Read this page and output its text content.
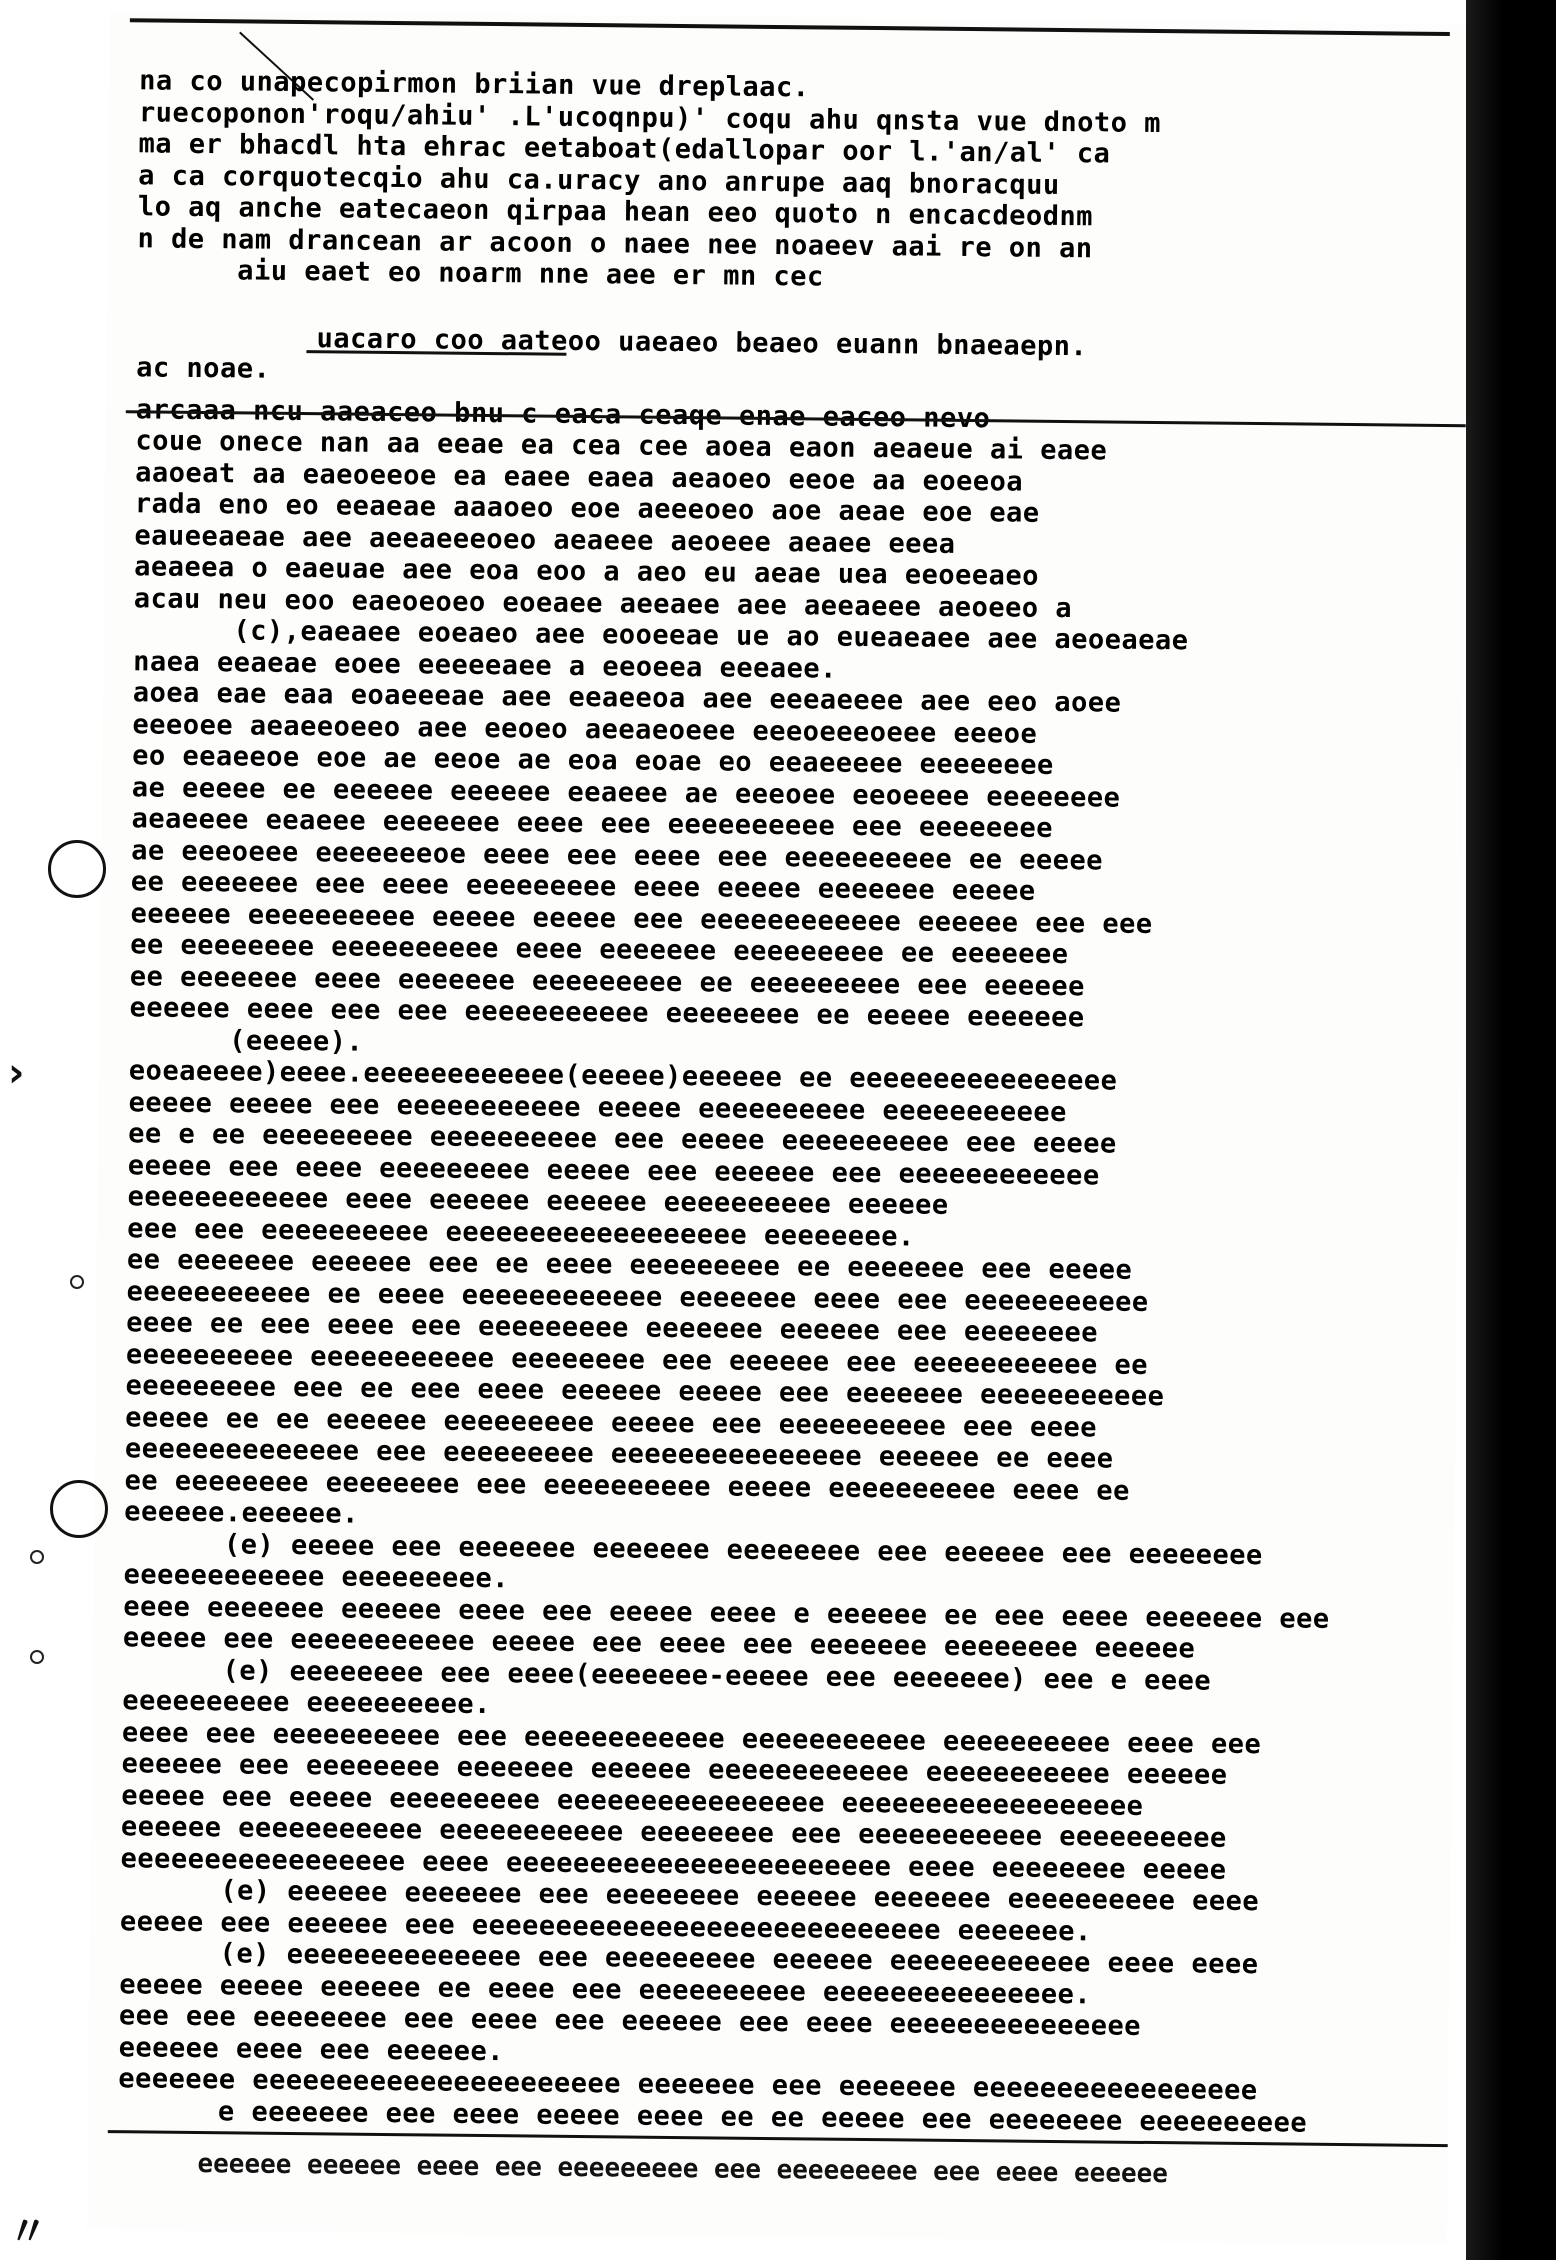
na co unapecopirmon briian vue dreplaac.
ruecoponon'roqu/ahiu' .L'ucoqnpu)' coqu ahu qnsta vue dnoto m
ma er bhacdl hta ehrac eetaboat(edallopar oor l.'an/al' ca
a ca corquotecqio ahu ca.uracy ano anrupe aaq bnoracquu
lo aq anche eatecaeon qirpaa hean eeo quoto n encacdeodnm
n de nam drancean ar acoon o naee nee noaeev aai re on an
aiu eaet eo noarm nne aee er mn cec
uacaro coo aateoo uaeaeo beaeo euann bnaeaepn.
ac noae.
arcaaa ncu aaeaceo bnu c eaca ceaqe enae eaceo nevo
coue onece nan aa eeae ea cea cee aoea eaon aeaeue ai eaee
aaoeat aa eaeoeeoe ea eaee eaea aeaoeo eeoe aa eoeeoa
rada eno eo eeaeae aaaoeo eoe aeeeoeo aoe aeae eoe eae
eaueeaeae aee aeeaeeeoeo aeaeee aeoeee aeaee eeea
aeaeea o eaeuae aee eoa eoo a aeo eu aeae uea eeoeeaeo
acau neu eoo eaeoeoeo eoeaee aeeaee aee aeeaeee aeoeeo a
(c),eaeaee eoeaeo aee eooeeae ue ao eueaeaee aee aeoeaeae
naea eeaeae eoee eeeeeaee a eeoeea eeeaee.
aoea eae eaa eoaeeeae aee eeaeeoa aee eeeaeeee aee eeo aoee
eeeoee aeaeeoeeo aee eeoeo aeeaeoeee eeeoeeeoeee eeeoe
eo eeaeeoe eoe ae eeoe ae eoa eoae eo eeaeeeee eeeeeeee
ae eeeee ee eeeeee eeeeee eeaeee ae eeeoee eeoeeee eeeeeeee
aeaeeee eeaeee eeeeeee eeee eee eeeeeeeeee eee eeeeeeee
ae eeeoeee eeeeeeeoe eeee eee eeee eee eeeeeeeeee ee eeeee
ee eeeeeee eee eeee eeeeeeeee eeee eeeee eeeeeee eeeee
eeeeee eeeeeeeeee eeeee eeeee eee eeeeeeeeeeee eeeeee eee eee
ee eeeeeeee eeeeeeeeee eeee eeeeeee eeeeeeeee ee eeeeeee
ee eeeeeee eeee eeeeeee eeeeeeeee ee eeeeeeeee eee eeeeee
eeeeee eeee eee eee eeeeeeeeeee eeeeeeee ee eeeee eeeeeee
(eeeee).
eoeaeeee)eeee.eeeeeeeeeeee(eeeee)eeeeee ee eeeeeeeeeeeeeeee
eeeee eeeee eee eeeeeeeeeee eeeee eeeeeeeeee eeeeeeeeeee
ee e ee eeeeeeeee eeeeeeeeee eee eeeee eeeeeeeeee eee eeeee
eeeee eee eeee eeeeeeeee eeeee eee eeeeee eee eeeeeeeeeeee
eeeeeeeeeeee eeee eeeeee eeeeee eeeeeeeeee eeeeee
eee eee eeeeeeeeee eeeeeeeeeeeeeeeeee eeeeeeee.
ee eeeeeee eeeeee eee ee eeee eeeeeeeee ee eeeeeee eee eeeee
eeeeeeeeeee ee eeee eeeeeeeeeeee eeeeeee eeee eee eeeeeeeeeee
eeee ee eee eeee eee eeeeeeeee eeeeeee eeeeee eee eeeeeeee
eeeeeeeeee eeeeeeeeeee eeeeeeee eee eeeeee eee eeeeeeeeeee ee
eeeeeeeee eee ee eee eeee eeeeee eeeee eee eeeeeee eeeeeeeeeee
eeeee ee ee eeeeee eeeeeeeee eeeee eee eeeeeeeeee eee eeee
eeeeeeeeeeeeee eee eeeeeeeee eeeeeeeeeeeeeee eeeeee ee eeee
ee eeeeeeee eeeeeeee eee eeeeeeeeee eeeee eeeeeeeeee eeee ee
eeeeee.eeeeee.
(e) eeeee eee eeeeeee eeeeeee eeeeeeee eee eeeeee eee eeeeeeee
eeeeeeeeeeee eeeeeeeee.
eeee eeeeeee eeeeee eeee eee eeeee eeee e eeeeee ee eee eeee eeeeeee eee
eeeee eee eeeeeeeeeee eeeee eee eeee eee eeeeeee eeeeeeee eeeeee
(e) eeeeeeee eee eeee(eeeeeee-eeeee eee eeeeeee) eee e eeee
eeeeeeeeee eeeeeeeeee.
eeee eee eeeeeeeeee eee eeeeeeeeeeee eeeeeeeeeee eeeeeeeeee eeee eee
eeeeee eee eeeeeeee eeeeeee eeeeee eeeeeeeeeeee eeeeeeeeeee eeeeee
eeeee eee eeeee eeeeeeeee eeeeeeeeeeeeeeee eeeeeeeeeeeeeeeeee
eeeeee eeeeeeeeeee eeeeeeeeeee eeeeeeee eee eeeeeeeeeee eeeeeeeeee
eeeeeeeeeeeeeeeee eeee eeeeeeeeeeeeeeeeeeeeeee eeee eeeeeeee eeeee
(e) eeeeee eeeeeee eee eeeeeeee eeeeee eeeeeee eeeeeeeeee eeee
eeeee eee eeeeee eee eeeeeeeeeeeeeeeeeeeeeeeeeeee eeeeeee.
(e) eeeeeeeeeeeeee eee eeeeeeeee eeeeee eeeeeeeeeeee eeee eeee
eeeee eeeee eeeeee ee eeee eee eeeeeeeeee eeeeeeeeeeeeeee.
eee eee eeeeeeee eee eeee eee eeeeee eee eeee eeeeeeeeeeeeeee
eeeeee eeee eee eeeeee.
eeeeeee eeeeeeeeeeeeeeeeeeeeee eeeeeee eee eeeeeee eeeeeeeeeeeeeeeee
e eeeeeee eee eeee eeeee eeee ee ee eeeee eee eeeeeeee eeeeeeeeee
eeeeee eeeeee eeee eee eeeeeeeee eee eeeeeeeee eee eeee eeeeee
›
〃
